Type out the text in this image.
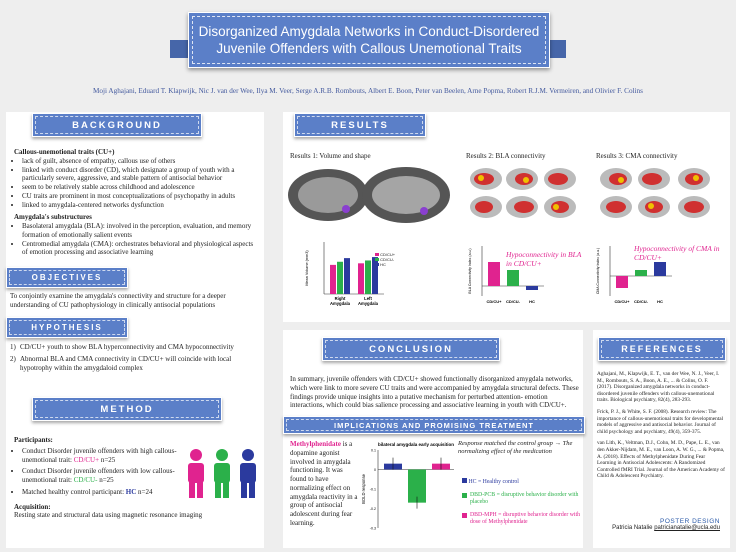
Disorganized Amygdala Networks in Conduct-Disordered
Juvenile Offenders with Callous Unemotional Traits
Moji Aghajani, Eduard T. Klapwijk, Nic J. van der Wee, Ilya M. Veer, Serge A.R.B. Rombouts, Albert E. Boon, Peter van Beelen, Arne Popma, Robert R.J.M. Vermeiren, and Olivier F. Colins
BACKGROUND
Callous-unemotional traits (CU+)
• lack of guilt, absence of empathy, callous use of others
• linked with conduct disorder (CD), which designate a group of youth with a particularly severe, aggressive, and stable pattern of antisocial behavior
• seem to be relatively stable across childhood and adolescence
• CU traits are prominent in most conceptualizations of psychopathy in adults
• linked to amygdala-centered networks dysfunction
Amygdala's substructures
• Basolateral amygdala (BLA): involved in the perception, evaluation, and memory formation of emotionally salient events
• Centromedial amygdala (CMA): orchestrates behavioral and physiological aspects of emotion processing and associative learning
OBJECTIVES
To conjointly examine the amygdala's connectivity and structure for a deeper understanding of CU pathophysiology in clinically antisocial populations
HYPOTHESIS
1) CD/CU+ youth to show BLA hyperconnectivity and CMA hypoconnectivity
2) Abnormal BLA and CMA connectivity in CD/CU+ will coincide with local hypotrophy within the amygdaloid complex
METHOD
Participants:
• Conduct Disorder juvenile offenders with high callous-unemotional trait: CD/CU+ n=25
• Conduct Disorder juvenile offenders with low callous-unemotional trait: CD/CU- n=25
• Matched healthy control participant: HC n=24
Acquisition:
Resting state and structural data using magnetic resonance imaging
RESULTS
Results 1: Volume and shape	Results 2: BLA connectivity	Results 3: CMA connectivity
Mean Volume (mm3)
Right
Amygdala
Left
Amygdala
BLA Connectivity Index (a.u.)
CD/CU+ CD/CU- HC
CMA Connectivity Index (a.u.)
CD/CU+ CD/CU- HC
CD/CU+
CD/CU-
HC
Hypoconnectivity in BLA in CD/CU+
Hypoconnectivity of CMA in CD/CU+
CONCLUSION
In summary, juvenile offenders with CD/CU+ showed functionally disorganized amygdala networks, which were link to more severe CU traits and were accompanied by amygdala structural defects. These findings provide unique insights into a putative mechanism for perturbed attention- emotion interactions, which could bias salience processing and associative learning in youth with CD/CU+.
IMPLICATIONS AND PROMISING TREATMENT
Methylphenidate is a dopamine agonist involved in amygdala functioning. It was found to have normalizing effect on amygdala reactivity in a group of antisocial adolescent during fear learning.
bilateral amygdala early acquisition
BOLD response
0.1
0
-0.1
-0.2
-0.3
Response matched the control group → The normalizing effect of the medication
HC = Healthy control
DBD-PCB = disruptive behavior disorder with placebo
DBD-MPH = disruptive behavior disorder with dose of Methylphenidate
REFERENCES
Aghajani, M., Klapwijk, E. T., van der Wee, N. J., Veer, I. M., Rombouts, S. A., Boon, A. E., ... & Colins, O. F. (2017). Disorganized amygdala networks in conduct-disordered juvenile offenders with callous-unemotional traits. Biological psychiatry, 82(4), 283-293.
Frick, P. J., & White, S. F. (2008). Research review: The importance of callous-unemotional traits for developmental models of aggressive and antisocial behavior. Journal of child psychology and psychiatry, 49(4), 359-375.
van Lith, K., Veltman, D.J., Cohn, M. D., Pape, L. E., van den Akker-Nijdam, M. E., van Loon, A. W. G., ... & Popma, A. (2018). Effects of Methylphenidate During Fear Learning in Antisocial Adolescents: A Randomized Controlled fMRI Trial. Journal of the American Academy of Child & Adolescent Psychiatry.
POSTER DESIGN
Patricia Natalie patricianatalie@ucla.edu
